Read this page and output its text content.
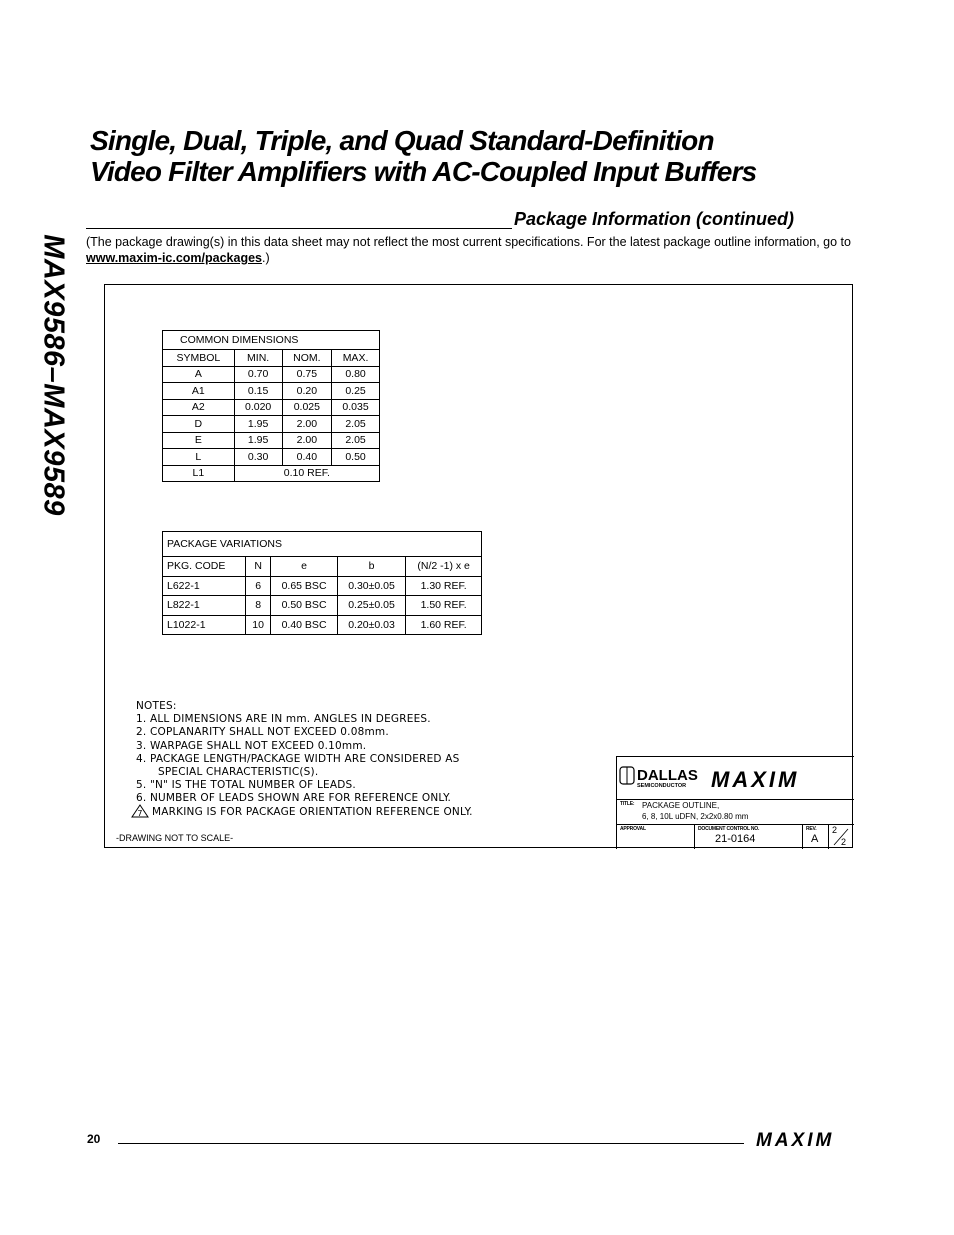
MAX9586–MAX9589
Single, Dual, Triple, and Quad Standard-Definition
Video Filter Amplifiers with AC-Coupled Input Buffers
Package Information (continued)
(The package drawing(s) in this data sheet may not reflect the most current specifications. For the latest package outline information, go to www.maxim-ic.com/packages.)
COMMON DIMENSIONS			
SYMBOL	MIN.	NOM.	MAX.
A	0.70	0.75	0.80
A1	0.15	0.20	0.25
A2	0.020	0.025	0.035
D	1.95	2.00	2.05
E	1.95	2.00	2.05
L	0.30	0.40	0.50
L1	0.10 REF.		
PACKAGE VARIATIONS				
PKG. CODE	N	e	b	(N/2 -1) x e
L622-1	6	0.65 BSC	0.30±0.05	1.30 REF.
L822-1	8	0.50 BSC	0.25±0.05	1.50 REF.
L1022-1	10	0.40 BSC	0.20±0.03	1.60 REF.
NOTES:
1. ALL DIMENSIONS ARE IN mm. ANGLES IN DEGREES.
2. COPLANARITY SHALL NOT EXCEED 0.08mm.
3. WARPAGE SHALL NOT EXCEED 0.10mm.
4. PACKAGE LENGTH/PACKAGE WIDTH ARE CONSIDERED AS
SPECIAL CHARACTERISTIC(S).
5. "N" IS THE TOTAL NUMBER OF LEADS.
6. NUMBER OF LEADS SHOWN ARE FOR REFERENCE ONLY.
7 MARKING IS FOR PACKAGE ORIENTATION REFERENCE ONLY.
-DRAWING NOT TO SCALE-
DALLAS
SEMICONDUCTOR MAXIM
TITLE: PACKAGE OUTLINE,
6, 8, 10L uDFN, 2x2x0.80 mm
APPROVAL	DOCUMENT CONTROL NO.
21-0164
REV.
A
2
2
20	MAXIM
